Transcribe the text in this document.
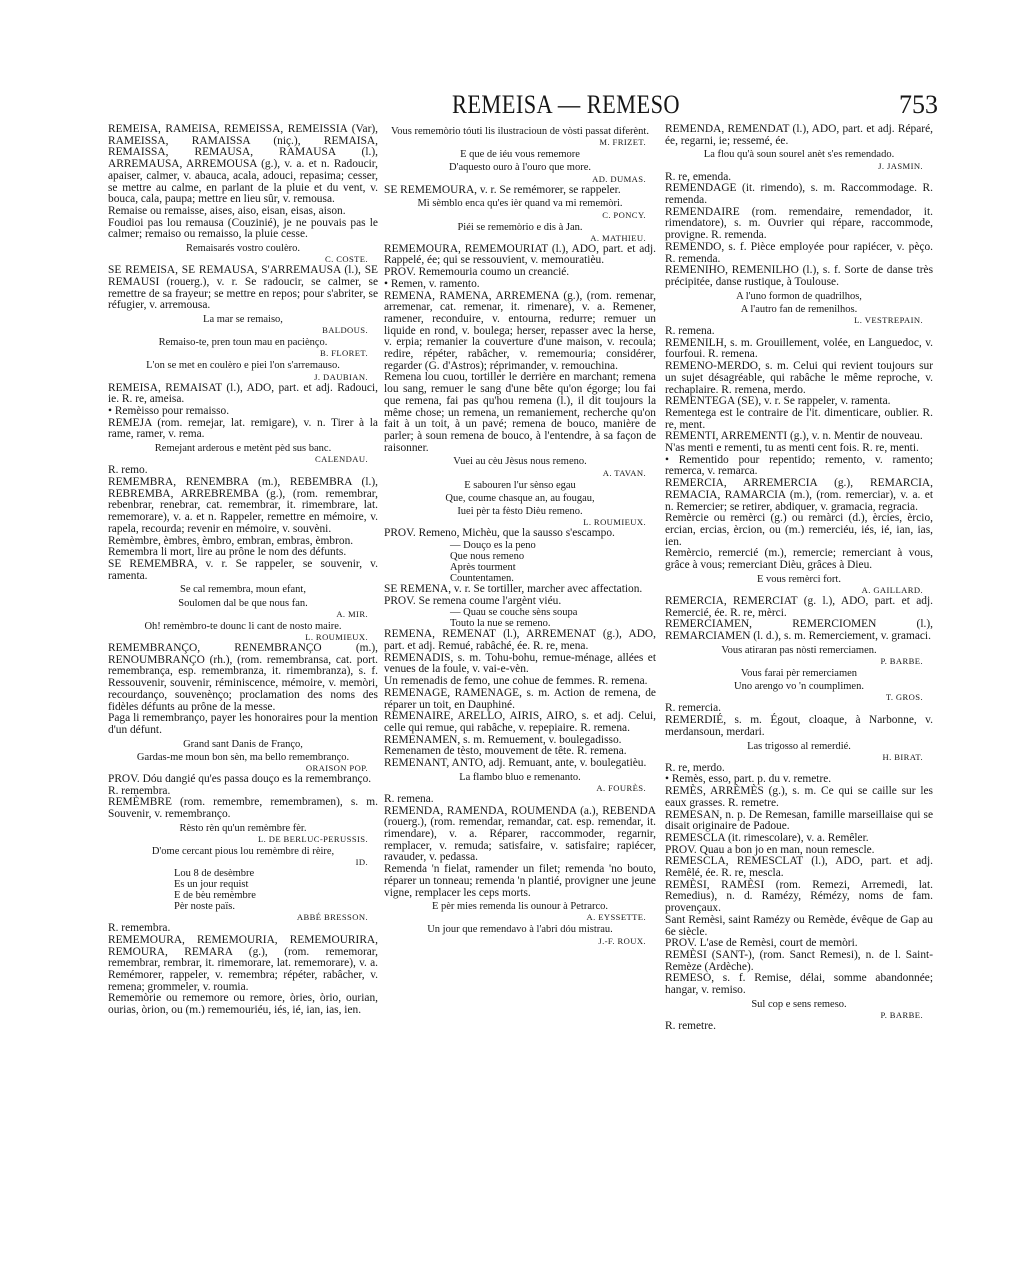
REMEISA — REMESO	753

REMEISA, RAMEISA, REMEISSA, REMEISSIA (Var), RAMEISSA, RAMAISSA (niç.), REMAISA, REMAISSA, REMAUSA, RAMAUSA (l.), ARREMAUSA, ARREMOUSA (g.), v. a. et n. Radoucir, apaiser, calmer, v. abauca, acala, adouci, repasima; cesser, se mettre au calme, en parlant de la pluie et du vent, v. bouca, cala, paupa; mettre en lieu sûr, v. remousa.

Remaise ou remaisse, aises, aiso, eisan, eisas, aison.

Foudioi pas lou remausa (Couzinié), je ne pouvais pas le calmer; remaiso ou remaisso, la pluie cesse.

Remaisarés vostro coulèro.

C. COSTE.

SE REMEISA, SE REMAUSA, S'ARREMAUSA (l.), SE REMAUSI (rouerg.), v. r. Se radoucir, se calmer, se remettre de sa frayeur; se mettre en repos; pour s'abriter, se réfugier, v. arremousa.

La mar se remaiso,

BALDOUS.

Remaiso-te, pren toun mau en paciènço.

B. FLORET.

L'on se met en coulèro e piei l'on s'arremauso.

J. DAUBIAN.

REMEISA, REMAISAT (l.), ADO, part. et adj. Radouci, ie. R. re, ameisa.

• Remèisso pour remaisso.

REMEJA (rom. remejar, lat. remigare), v. n. Tirer à la rame, ramer, v. rema.

Remejant arderous e metènt pèd sus banc.

CALENDAU.

R. remo.

REMEMBRA, RENEMBRA (m.), REBEMBRA (l.), REBREMBA, ARREBREMBA (g.), (rom. remembrar, rebenbrar, renebrar, cat. remembrar, it. rimembrare, lat. rememorare), v. a. et n. Rappeler, remettre en mémoire, v. rapela, recourda; revenir en mémoire, v. souvèni.

Remèmbre, èmbres, èmbro, embran, embras, èmbron.

Remembra li mort, lire au prône le nom des défunts.

SE REMEMBRA, v. r. Se rappeler, se souvenir, v. ramenta.

Se cal remembra, moun efant,

Soulomen dal be que nous fan.

A. MIR.

Oh! remèmbro-te dounc li cant de nosto maire.

L. ROUMIEUX.

REMEMBRANÇO, RENEMBRANÇO (m.), RENOUMBRANÇO (rh.), (rom. remembransa, cat. port. remembrança, esp. remembranza, it. rimembranza), s. f. Ressouvenir, souvenir, réminiscence, mémoire, v. memòri, recourdanço, souvenènço; proclamation des noms des fidèles défunts au prône de la messe.

Paga li remembranço, payer les honoraires pour la mention d'un défunt.

Grand sant Danis de Franço,

Gardas-me moun bon sèn, ma bello remembranço.

ORAISON POP.

PROV. Dóu dangié qu'es passa douço es la remembranço.

R. remembra.

REMÈMBRE (rom. remembre, remembramen), s. m. Souvenir, v. remembranço.

Rèsto rèn qu'un remèmbre fèr.

L. DE BERLUC-PERUSSIS.

D'ome cercant pious lou remèmbre di rèire,

ID.

Lou 8 de desèmbre

Es un jour requist

E de bèu remèmbre

Pèr noste païs.

ABBÉ BRESSON.

R. remembra.

REMEMOURA, REMEMOURIA, REMEMOURIRA, REMOURA, REMARA (g.), (rom. rememorar, remembrar, rembrar, it. rimemorare, lat. rememorare), v. a. Remémorer, rappeler, v. remembra; répéter, rabâcher, v. remena; grommeler, v. roumia.

Rememòrie ou rememore ou remore, òries, òrio, ourian, ourias, òrion, ou (m.) rememouriéu, iés, ié, ian, ias, ien.

Vous rememòrio tóuti lis ilustracioun de vòsti passat diferènt.

M. FRIZET.

E que de iéu vous rememore

D'aquesto ouro à l'ouro que more.

AD. DUMAS.

SE REMEMOURA, v. r. Se remémorer, se rappeler.

Mi sèmblo enca qu'es ièr quand va mi rememòri.

C. PONCY.

Piéi se rememòrio e dis à Jan.

A. MATHIEU.

REMEMOURA, REMEMOURIAT (l.), ADO, part. et adj. Rappelé, ée; qui se ressouvient, v. memouratièu.

PROV. Rememouria coumo un creancié.

• Remen, v. ramento.

REMENA, RAMENA, ARREMENA (g.), (rom. remenar, arremenar, cat. remenar, it. rimenare), v. a. Remener, ramener, reconduire, v. entourna, redurre; remuer un liquide en rond, v. boulega; herser, repasser avec la herse, v. erpia; remanier la couverture d'une maison, v. recoula; redire, répéter, rabâcher, v. rememouria; considérer, regarder (G. d'Astros); réprimander, v. remouchina.

Remena lou cuou, tortiller le derrière en marchant; remena lou sang, remuer le sang d'une bête qu'on égorge; lou fai que remena, fai pas qu'hou remena (l.), il dit toujours la même chose; un remena, un remaniement, recherche qu'on fait à un toit, à un pavé; remena de bouco, manière de parler; à soun remena de bouco, à l'entendre, à sa façon de raisonner.

Vuei au cèu Jèsus nous remeno.

A. TAVAN.

E sabouren l'ur sènso egau

Que, coume chasque an, au fougau,

Iuei pèr ta fèsto Dièu remeno.

L. ROUMIEUX.

PROV. Remeno, Michèu, que la sausso s'escampo.

— Douço es la peno

Que nous remeno

Après tourment

Countentamen.

SE REMENA, v. r. Se tortiller, marcher avec affectation.

PROV. Se remena coume l'argènt viéu.

— Quau se couche sèns soupa

Touto la nue se remeno.

REMENA, REMENAT (l.), ARREMENAT (g.), ADO, part. et adj. Remué, rabâché, ée. R. re, mena.

REMENADIS, s. m. Tohu-bohu, remue-ménage, allées et venues de la foule, v. vai-e-vèn.

Un remenadis de femo, une cohue de femmes. R. remena.

REMENAGE, RAMENAGE, s. m. Action de remena, de réparer un toit, en Dauphiné.

REMENAIRE, ARELLO, AIRIS, AIRO, s. et adj. Celui, celle qui remue, qui rabâche, v. repepiaire. R. remena.

REMENAMEN, s. m. Remuement, v. boulegadisso.

Remenamen de tèsto, mouvement de tête. R. remena.

REMENANT, ANTO, adj. Remuant, ante, v. boulegatièu.

La flambo bluo e remenanto.

A. FOURÈS.

R. remena.

REMENDA, RAMENDA, ROUMENDA (a.), REBENDA (rouerg.), (rom. remendar, remandar, cat. esp. remendar, it. rimendare), v. a. Réparer, raccommoder, regarnir, remplacer, v. remuda; satisfaire, v. satisfaire; rapiécer, ravauder, v. pedassa.

Remenda 'n fielat, ramender un filet; remenda 'no bouto, réparer un tonneau; remenda 'n plantié, provigner une jeune vigne, remplacer les ceps morts.

E pèr mies remenda lis ounour à Petrarco.

A. EYSSETTE.

Un jour que remendavo à l'abri dóu mistrau.

J.-F. ROUX.

REMENDA, REMENDAT (l.), ADO, part. et adj. Réparé, ée, regarni, ie; ressemé, ée.

La flou qu'à soun sourel anèt s'es remendado.

J. JASMIN.

R. re, emenda.

REMENDAGE (it. rimendo), s. m. Raccommodage. R. remenda.

REMENDAIRE (rom. remendaire, remendador, it. rimendatore), s. m. Ouvrier qui répare, raccommode, provigne. R. remenda.

REMENDO, s. f. Pièce employée pour rapiécer, v. pèço. R. remenda.

REMENIHO, REMENILHO (l.), s. f. Sorte de danse très précipitée, danse rustique, à Toulouse.

A l'uno formon de quadrilhos,

A l'autro fan de remenilhos.

L. VESTREPAIN.

R. remena.

REMENILH, s. m. Grouillement, volée, en Languedoc, v. fourfoui. R. remena.

REMENO-MERDO, s. m. Celui qui revient toujours sur un sujet désagréable, qui rabâche le même reproche, v. rechaplaire. R. remena, merdo.

REMENTEGA (SE), v. r. Se rappeler, v. ramenta.

Rementega est le contraire de l'it. dimenticare, oublier. R. re, ment.

REMENTI, ARREMENTI (g.), v. n. Mentir de nouveau.

N'as menti e rementi, tu as menti cent fois. R. re, menti.

• Rementido pour repentido; remento, v. ramento; remerca, v. remarca.

REMERCIA, ARREMERCIA (g.), REMARCIA, REMACIA, RAMARCIA (m.), (rom. remerciar), v. a. et n. Remercier; se retirer, abdiquer, v. gramacia, regracia.

Remèrcie ou remèrci (g.) ou remàrci (d.), èrcies, èrcio, ercian, ercias, èrcion, ou (m.) remerciéu, iés, ié, ian, ias, ien.

Remèrcio, remercié (m.), remercie; remerciant à vous, grâce à vous; remerciant Dièu, grâces à Dieu.

E vous remèrci fort.

A. GAILLARD.

REMERCIA, REMERCIAT (g. l.), ADO, part. et adj. Remercié, ée. R. re, mèrci.

REMERCIAMEN, REMERCIOMEN (l.), REMARCIAMEN (l. d.), s. m. Remerciement, v. gramaci.

Vous atiraran pas nòsti remerciamen.

P. BARBE.

Vous farai pèr remerciamen

Uno arengo vo 'n coumplimen.

T. GROS.

R. remercia.

REMERDIÉ, s. m. Égout, cloaque, à Narbonne, v. merdansoun, merdari.

Las trigosso al remerdié.

H. BIRAT.

R. re, merdo.

• Remès, esso, part. p. du v. remetre.

REMÈS, ARRÈMÈS (g.), s. m. Ce qui se caille sur les eaux grasses. R. remetre.

REMESAN, n. p. De Remesan, famille marseillaise qui se disait originaire de Padoue.

REMESCLA (it. rimescolare), v. a. Remêler.

PROV. Quau a bon jo en man, noun remescle.

REMESCLA, REMESCLAT (l.), ADO, part. et adj. Remêlé, ée. R. re, mescla.

REMÈSI, RAMÈSI (rom. Remezi, Arremedi, lat. Remedius), n. d. Ramézy, Rémézy, noms de fam. provençaux.

Sant Remèsi, saint Ramézy ou Remède, évêque de Gap au 6e siècle.

PROV. L'ase de Remèsi, court de memòri.

REMÈSI (SANT-), (rom. Sanct Remesi), n. de l. Saint-Remèze (Ardèche).

REMESO, s. f. Remise, délai, somme abandonnée; hangar, v. remiso.

Sul cop e sens remeso.

P. BARBE.

R. remetre.
